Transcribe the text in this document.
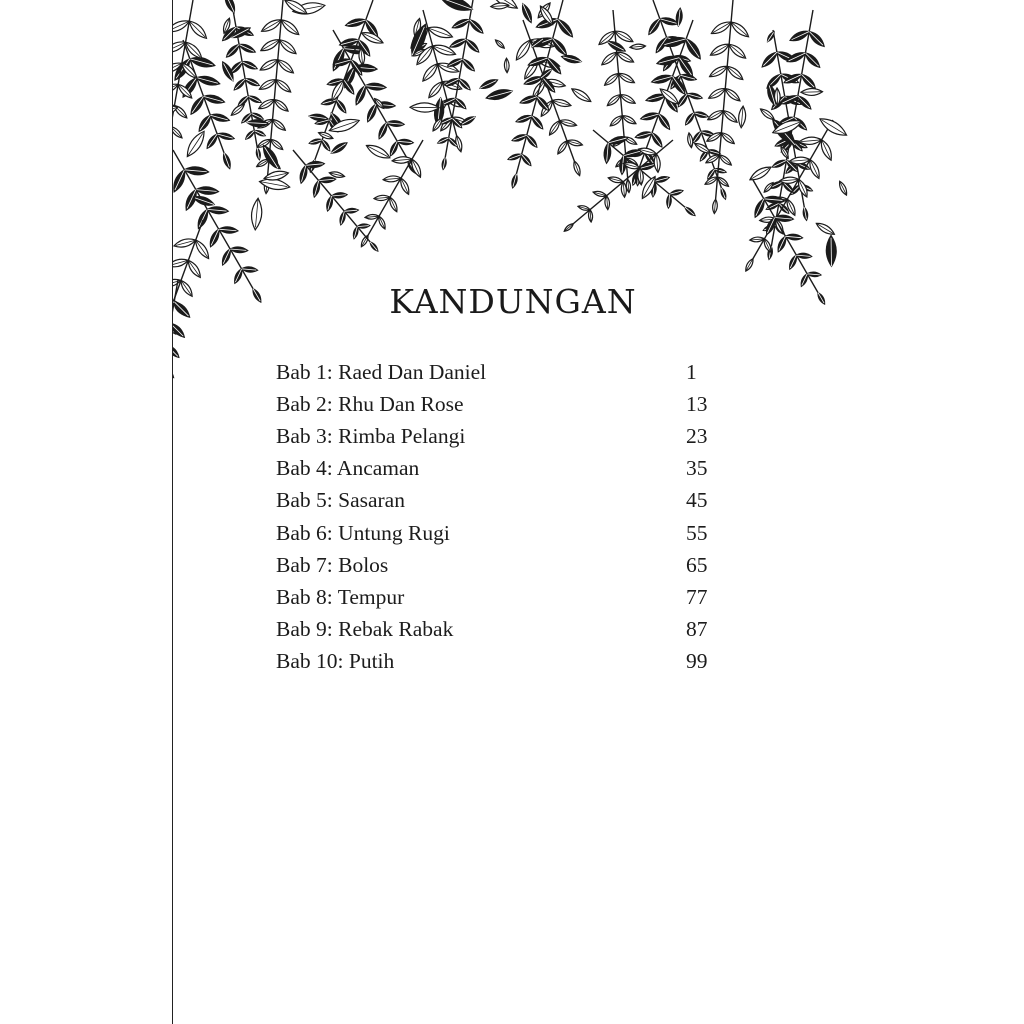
KANDUNGAN
Bab 1: Raed Dan Daniel	1
Bab 2: Rhu Dan Rose	13
Bab 3: Rimba Pelangi	23
Bab 4: Ancaman	35
Bab 5: Sasaran	45
Bab 6: Untung Rugi	55
Bab 7: Bolos	65
Bab 8: Tempur	77
Bab 9: Rebak Rabak	87
Bab 10: Putih	99
